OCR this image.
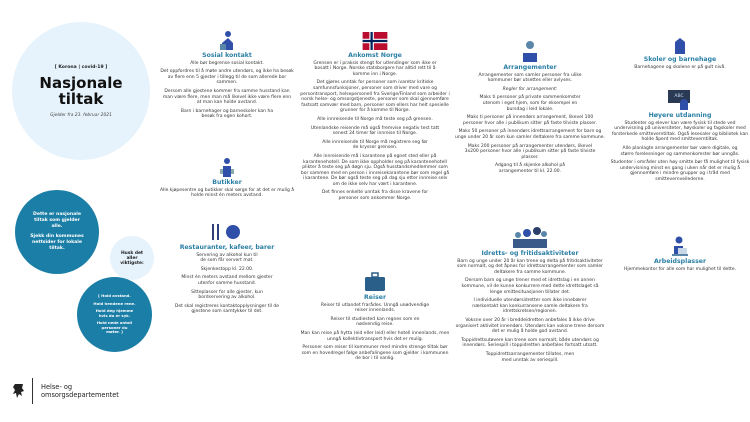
[ Korona | covid-19 ]
Nasjonale
tiltak
Gjelder fra 23. februar 2021

Dette er nasjonale tiltak som gjelder alle.

Sjekk din kommunes nettsider for lokale tiltak.

Husk det aller viktigste:

[ Hold avstand.

Hold hendene rene.

Hold deg hjemme hvis du er syk.

Hold nede antall personer du møter. ]

Helse- og
omsorgsdepartementet
Sosial kontakt

Alle bør begrense sosial kontakt.

Det oppfordres til å møte andre utendørs, og ikke ha besøk av flere enn 5 gjester i tillegg til de som allerede bor sammen.

Dersom alle gjestene kommer fra samme husstand kan man være flere, men man må likevel ikke være flere enn at man kan holde avstand.

Barn i barnehager og barneskoler kan ha besøk fra egen kohort.

Butikker

Alle kjøpesentre og butikker skal sørge for at det er mulig å holde minst én meters avstand.

Restauranter, kafeer, barer

Servering av alkohol kun til de som får servert mat.

Skjenkestopp kl. 22.00.

Minst én meters avstand mellom gjester utenfor samme husstand.

Sitteplasser for alle gjester, kun bordservering av alkohol.

Det skal registreres kontaktopplysninger til de gjestene som samtykker til det.

Ankomst Norge

Grensen er i praksis stengt for utlendinger som ikke er bosatt i Norge. Norske statsborgere har alltid rett til å komme inn i Norge.

Det gjøres unntak for personer som ivaretar kritiske samfunnsfunksjoner, personer som driver med vare og persontransport, helsepersonell fra Sverige/Finland som arbeider i norsk helse- og omsorgstjeneste, personer som skal gjennomføre fastsatt samvær med barn, personer som ellers har helt spesielle grunner for å komme til Norge.

Alle innreisende til Norge må teste seg på grensen.

Utenlandske reisende må også fremvise negativ test tatt senest 24 timer før innreise til Norge.

Alle innreisende til Norge må registrere seg før de krysser grensen.

Alle innreisende må i karantene på egnet sted eller på karantenehotell. De som ikke oppholder seg på karantenehotell plikter å teste seg på døgn sju. Også husstandsmedlemmer som bor sammen med en person i innreisekarantene bør som regel gå i karantene. De bør også teste seg på dag sju etter innreise selv om de ikke selv har vært i karantene.

Det finnes enkelte unntak fra disse kravene for personer som ankommer Norge.

Reiser

Reiser til utlandet frarådes. Unngå unødvendige reiser innenlands.

Reiser til studiested kan regnes som en nødvendig reise.

Man kan reise på hytta (eid eller leid) eller hotell innenlands, men unngå kollektivtransport hvis det er mulig.

Personer som reiser til kommuner med mindre strenge tiltak bør som en hovedregel følge anbefalingene som gjelder i kommunen de bor i til vanlig.

Arrangementer

Arrangementer som samler personer fra ulike kommuner bør utsettes eller avlyses.

Regler for arrangement:

Maks ti personer på private sammenkomster utenom i eget hjem, som for eksempel en bursdag i leid lokale.

Maks ti personer på innendørs arrangement, likevel 100 personer hvor alle i publikum sitter på faste tilviste plasser.

Maks 50 personer på innendørs idrettsarrangement for barn og unge under 20 år som kun samler deltakere fra samme kommune.

Maks 200 personer på arrangementer utendørs, likevel 3x200 personer hvor alle i publikum sitter på faste tilviste plasser.

Adgang til å skjenke alkohol på arrangementer til kl. 22.00.

Idretts- og fritidsaktiviteter

Barn og unge under 20 år kan trene og delta på fritidsaktiviteter som normalt, og det åpnes for idrettsarrangementer som samler deltakere fra samme kommune.

Dersom barn og unge trener med et idrettslag i en annen kommune, vil de kunne konkurrere med dette idrettslaget så lenge smittesituasjonen tillater det.

I individuelle utendørsidretter som ikke innebærer nærkontakt kan konkurransene samle deltakere fra idrettskretsen/regionen.

Voksne over 20 år i breddeidretten anbefales å ikke drive organisert aktivitet innendørs. Utendørs kan voksne trene dersom det er mulig å holde god avstand.

Toppidrettsutøvere kan trene som normalt, både utendørs og innendørs. Seriespill i toppidretten anbefales fortsatt utsatt.

Toppidrettsarrangementer tillates, men med unntak av seriespill.

Skoler og barnehage

Barnehagene og skolene er på gult nivå.

ABC
Høyere utdanning

Studenter og elever kan være fysisk til stede ved undervisning på universiteter, høyskoler og fagskoler med forsterkede smitteverntiltak. Også lesesaler og bibliotek kan holde åpent med smitteverntiltak.

Alle planlagte arrangementer bør være digitale, og større forelesninger og sammenkomster bør unngås.

Studenter i områder uten høy smitte bør få mulighet til fysisk undervisning minst en gang i uken når det er mulig å gjennomføre i mindre grupper og i tråd med smittevernveilederne.

Arbeidsplasser

Hjemmekontor for alle som har mulighet til dette.
